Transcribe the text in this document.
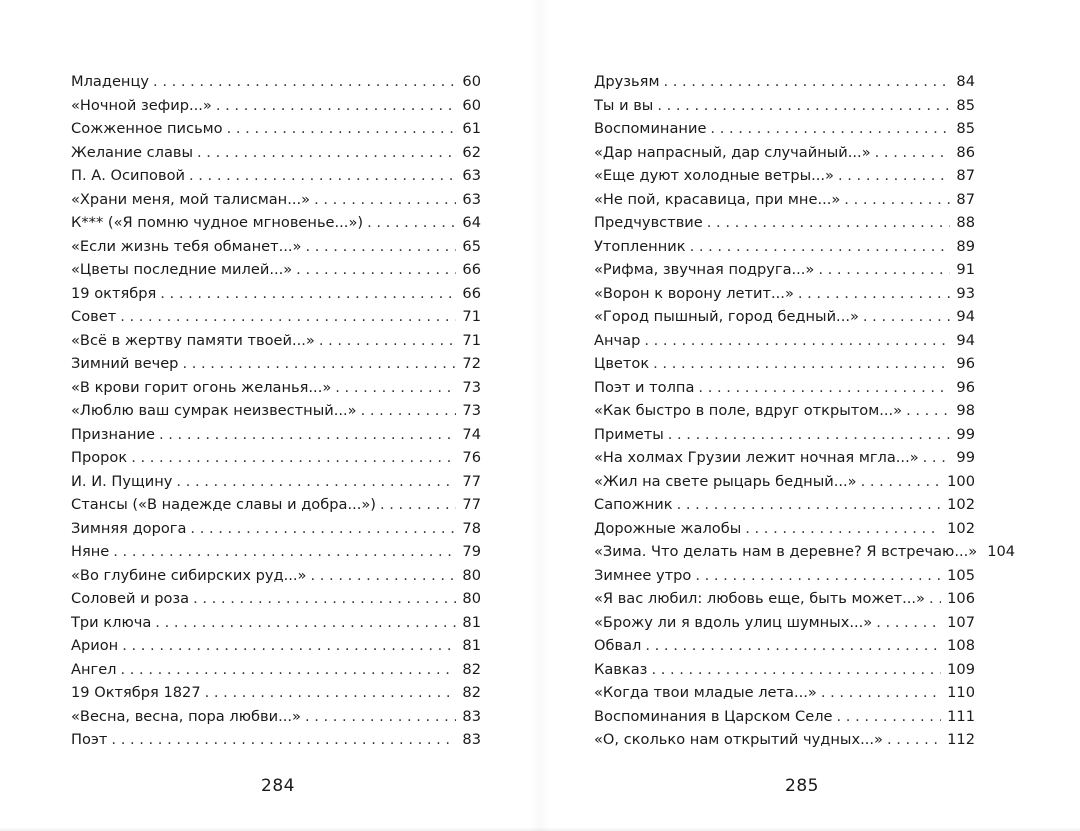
Младенцу . . .	60
«Ночной зефир...» . . .	60
Сожженное письмо . . .	61
Желание славы . . .	62
П. А. Осиповой . . .	63
«Храни меня, мой талисман...» . . .	63
К*** («Я помню чудное мгновенье...») . . .	64
«Если жизнь тебя обманет...» . . .	65
«Цветы последние милей...» . . .	66
19 октября . . .	66
Совет . . .	71
«Всё в жертву памяти твоей...» . . .	71
Зимний вечер . . .	72
«В крови горит огонь желанья...» . . .	73
«Люблю ваш сумрак неизвестный...» . . .	73
Признание . . .	74
Пророк . . .	76
И. И. Пущину . . .	77
Стансы («В надежде славы и добра...») . . .	77
Зимняя дорога . . .	78
Няне . . .	79
«Во глубине сибирских руд...» . . .	80
Соловей и роза . . .	80
Три ключа . . .	81
Арион . . .	81
Ангел . . .	82
19 Октября 1827 . . .	82
«Весна, весна, пора любви...» . . .	83
Поэт . . .	83
Друзьям . . .	84
Ты и вы . . .	85
Воспоминание . . .	85
«Дар напрасный, дар случайный...» . . .	86
«Еще дуют холодные ветры...» . . .	87
«Не пой, красавица, при мне...» . . .	87
Предчувствие . . .	88
Утопленник . . .	89
«Рифма, звучная подруга...» . . .	91
«Ворон к ворону летит...» . . .	93
«Город пышный, город бедный...» . . .	94
Анчар . . .	94
Цветок . . .	96
Поэт и толпа . . .	96
«Как быстро в поле, вдруг открытом...» . . .	98
Приметы . . .	99
«На холмах Грузии лежит ночная мгла...» . . .	99
«Жил на свете рыцарь бедный...» . . .	100
Сапожник . . .	102
Дорожные жалобы . . .	102
«Зима. Что делать нам в деревне? Я встречаю...» 104
Зимнее утро . . .	105
«Я вас любил: любовь еще, быть может...» . . . 106
«Брожу ли я вдоль улиц шумных...» . . .	107
Обвал . . .	108
Кавказ . . .	109
«Когда твои младые лета...» . . .	110
Воспоминания в Царском Селе . . .	111
«О, сколько нам открытий чудных...» . . .	112
284	285
